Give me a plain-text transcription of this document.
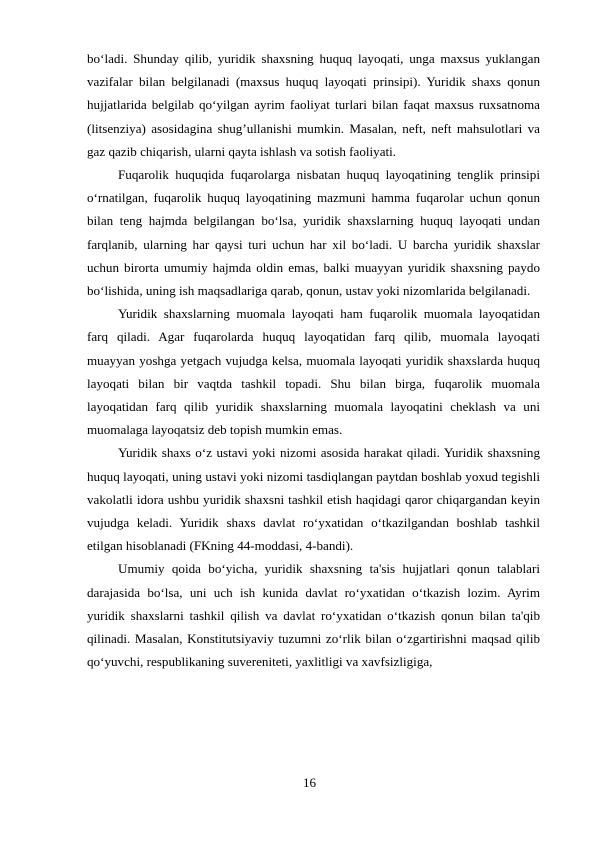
bo‘ladi. Shunday qilib, yuridik shaxsning huquq layoqati, unga maxsus yuklangan vazifalar bilan belgilanadi (maxsus huquq layoqati prinsipi). Yuridik shaxs qonun hujjatlarida belgilab qo‘yilgan ayrim faoliyat turlari bilan faqat maxsus ruxsatnoma (litsenziya) asosidagina shug’ullanishi mumkin. Masalan, neft, neft mahsulotlari va gaz qazib chiqarish, ularni qayta ishlash va sotish faoliyati.

Fuqarolik huquqida fuqarolarga nisbatan huquq layoqatining tenglik prinsipi o‘rnatilgan, fuqarolik huquq layoqatining mazmuni hamma fuqarolar uchun qonun bilan teng hajmda belgilangan bo‘lsa, yuridik shaxslarning huquq layoqati undan farqlanib, ularning har qaysi turi uchun har xil bo‘ladi. U barcha yuridik shaxslar uchun birorta umumiy hajmda oldin emas, balki muayyan yuridik shaxsning paydo bo‘lishida, uning ish maqsadlariga qarab, qonun, ustav yoki nizomlarida belgilanadi.

Yuridik shaxslarning muomala layoqati ham fuqarolik muomala layoqatidan farq qiladi. Agar fuqarolarda huquq layoqatidan farq qilib, muomala layoqati muayyan yoshga yetgach vujudga kelsa, muomala layoqati yuridik shaxslarda huquq layoqati bilan bir vaqtda tashkil topadi. Shu bilan birga, fuqarolik muomala layoqatidan farq qilib yuridik shaxslarning muomala layoqatini cheklash va uni muomalaga layoqatsiz deb topish mumkin emas.

Yuridik shaxs o‘z ustavi yoki nizomi asosida harakat qiladi. Yuridik shaxsning huquq layoqati, uning ustavi yoki nizomi tasdiqlangan paytdan boshlab yoxud tegishli vakolatli idora ushbu yuridik shaxsni tashkil etish haqidagi qaror chiqargandan keyin vujudga keladi. Yuridik shaxs davlat ro‘yxatidan o‘tkazilgandan boshlab tashkil etilgan hisoblanadi (FKning 44-moddasi, 4-bandi).

Umumiy qoida bo‘yicha, yuridik shaxsning ta'sis hujjatlari qonun talablari darajasida bo‘lsa, uni uch ish kunida davlat ro‘yxatidan o‘tkazish lozim. Ayrim yuridik shaxslarni tashkil qilish va davlat ro‘yxatidan o‘tkazish qonun bilan ta'qib qilinadi. Masalan, Konstitutsiyaviy tuzumni zo‘rlik bilan o‘zgartirishni maqsad qilib qo‘yuvchi, respublikaning suvereniteti, yaxlitligi va xavfsizligiga,

16
